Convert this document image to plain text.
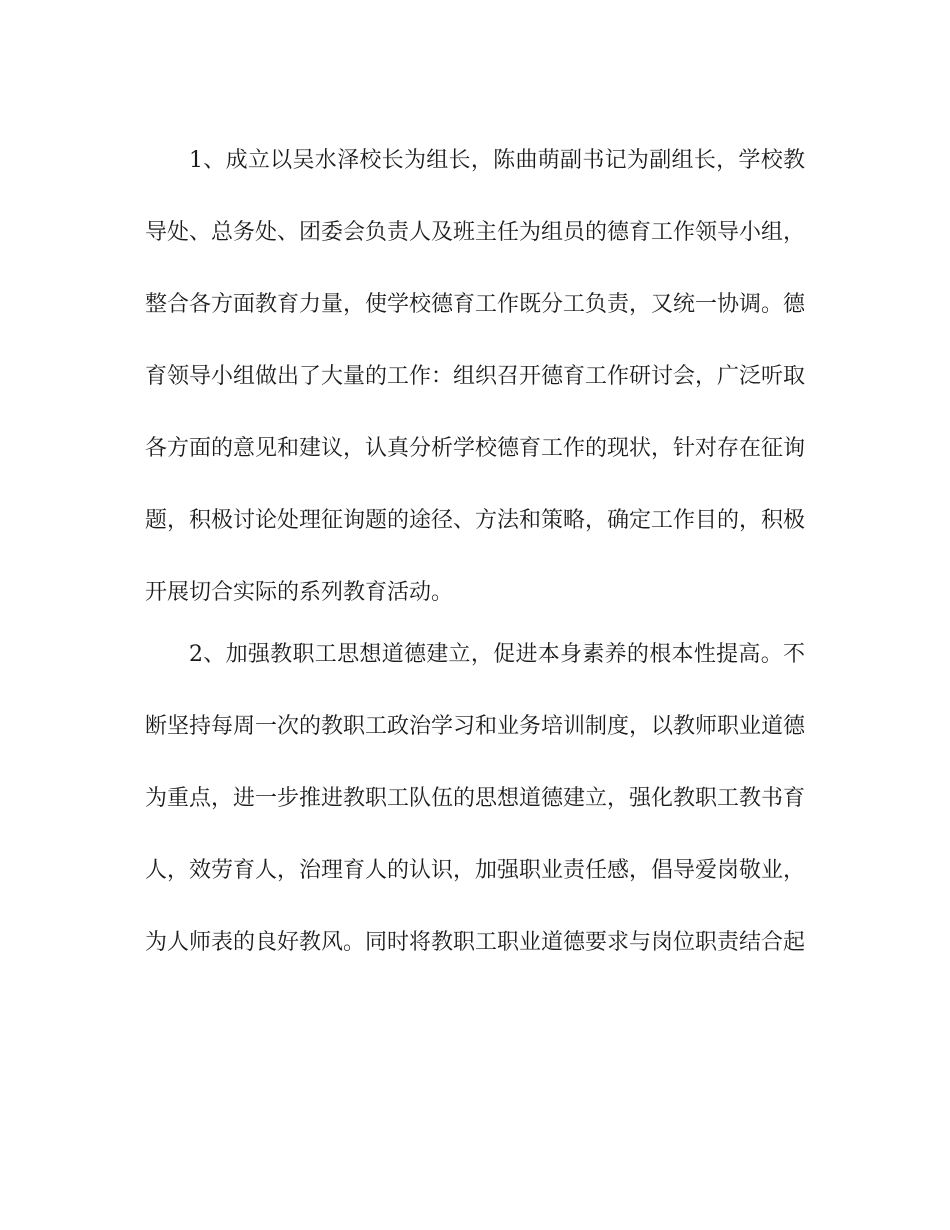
1、成立以吴水泽校长为组长，陈曲萌副书记为副组长，学校教
导处、总务处、团委会负责人及班主任为组员的德育工作领导小组，
整合各方面教育力量，使学校德育工作既分工负责，又统一协调。德
育领导小组做出了大量的工作：组织召开德育工作研讨会，广泛听取
各方面的意见和建议，认真分析学校德育工作的现状，针对存在征询
题，积极讨论处理征询题的途径、方法和策略，确定工作目的，积极
开展切合实际的系列教育活动。
2、加强教职工思想道德建立，促进本身素养的根本性提高。不
断坚持每周一次的教职工政治学习和业务培训制度，以教师职业道德
为重点，进一步推进教职工队伍的思想道德建立，强化教职工教书育
人，效劳育人，治理育人的认识，加强职业责任感，倡导爱岗敬业，
为人师表的良好教风。同时将教职工职业道德要求与岗位职责结合起
